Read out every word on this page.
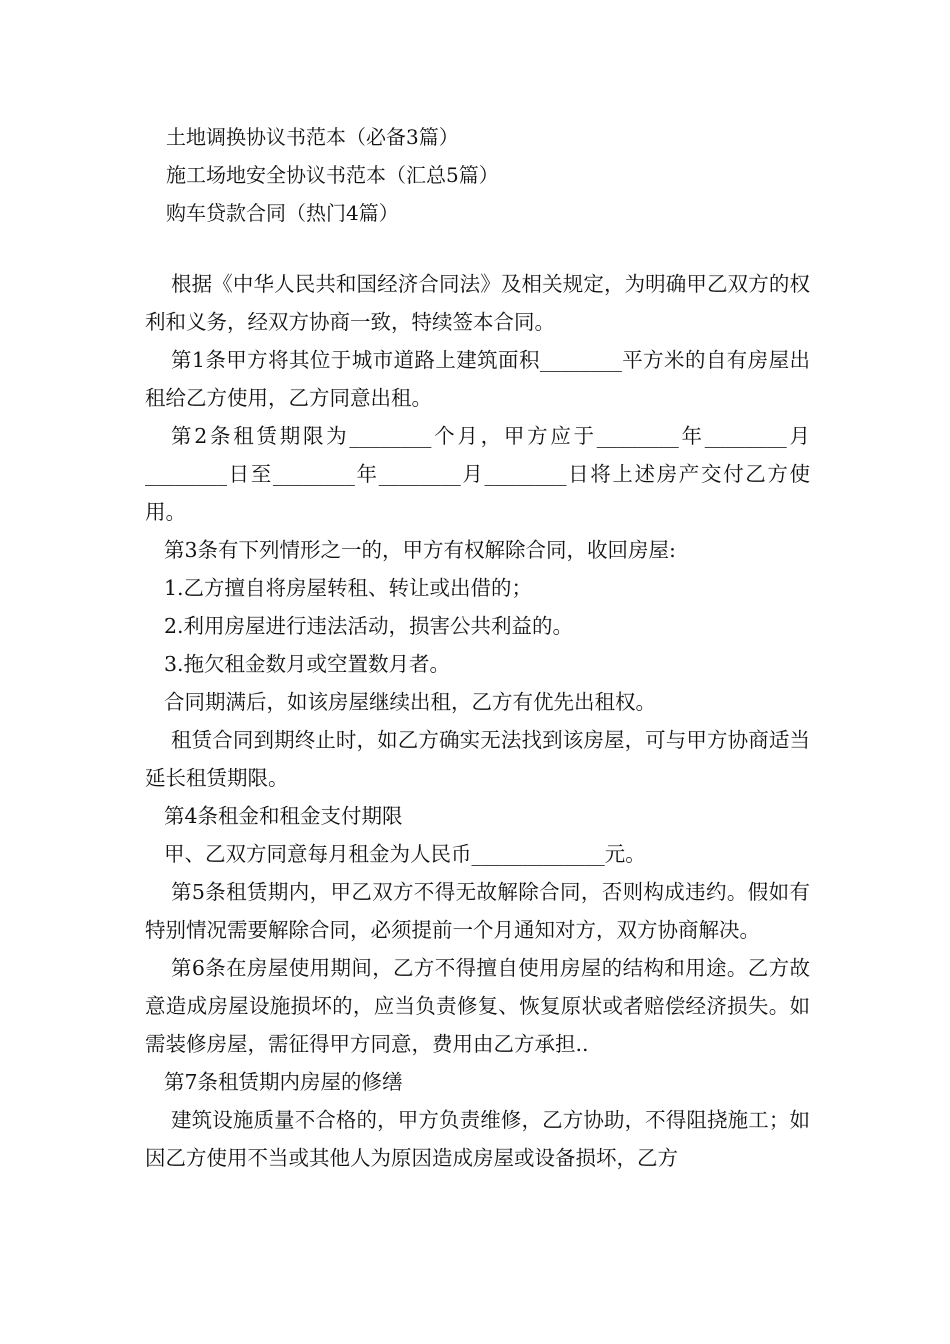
土地调换协议书范本（必备3篇）
施工场地安全协议书范本（汇总5篇）
购车贷款合同（热门4篇）

根据《中华人民共和国经济合同法》及相关规定，为明确甲乙双方的权利和义务，经双方协商一致，特续签本合同。

第1条甲方将其位于城市道路上建筑面积________平方米的自有房屋出租给乙方使用，乙方同意出租。

第2条租赁期限为________个月，甲方应于________年________月________日至________年________月________日将上述房产交付乙方使用。

第3条有下列情形之一的，甲方有权解除合同，收回房屋:

1.乙方擅自将房屋转租、转让或出借的；

2.利用房屋进行违法活动，损害公共利益的。

3.拖欠租金数月或空置数月者。

合同期满后，如该房屋继续出租，乙方有优先出租权。

租赁合同到期终止时，如乙方确实无法找到该房屋，可与甲方协商适当延长租赁期限。

第4条租金和租金支付期限

甲、乙双方同意每月租金为人民币_____________元。

第5条租赁期内，甲乙双方不得无故解除合同，否则构成违约。假如有特别情况需要解除合同，必须提前一个月通知对方，双方协商解决。

第6条在房屋使用期间，乙方不得擅自使用房屋的结构和用途。乙方故意造成房屋设施损坏的，应当负责修复、恢复原状或者赔偿经济损失。如需装修房屋，需征得甲方同意，费用由乙方承担..

第7条租赁期内房屋的修缮

建筑设施质量不合格的，甲方负责维修，乙方协助，不得阻挠施工；如因乙方使用不当或其他人为原因造成房屋或设备损坏，乙方
